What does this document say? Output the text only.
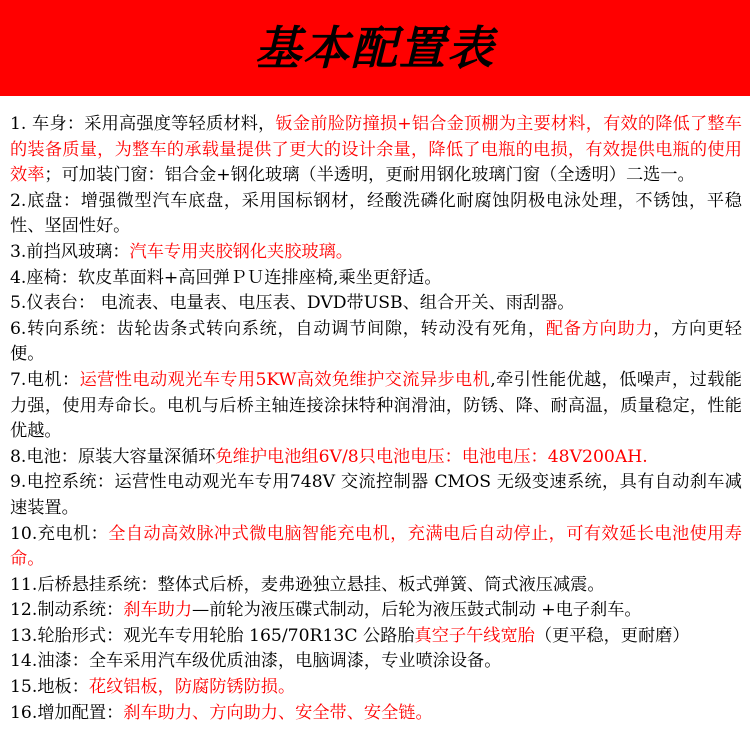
基本配置表

1. 车身：采用高强度等轻质材料，钣金前脸防撞损+铝合金顶棚为主要材料，有效的降低了整车的装备质量，为整车的承载量提供了更大的设计余量，降低了电瓶的电损，有效提供电瓶的使用效率；可加装门窗：铝合金+钢化玻璃（半透明，更耐用钢化玻璃门窗（全透明）二选一。

2.底盘：增强微型汽车底盘，采用国标钢材，经酸洗磷化耐腐蚀阴极电泳处理，不锈蚀，平稳性、坚固性好。

3.前挡风玻璃：汽车专用夹胶钢化夹胶玻璃。

4.座椅：软皮革面料+高回弹ＰＵ连排座椅,乘坐更舒适。

5.仪表台： 电流表、电量表、电压表、DVD带USB、组合开关、雨刮器。

6.转向系统：齿轮齿条式转向系统，自动调节间隙，转动没有死角，配备方向助力，方向更轻便。

7.电机：运营性电动观光车专用5KW高效免维护交流异步电机,牵引性能优越，低噪声，过载能力强，使用寿命长。电机与后桥主轴连接涂抹特种润滑油，防锈、降、耐高温，质量稳定，性能优越。

8.电池：原装大容量深循环免维护电池组6V/8只电池电压：电池电压：48V200AH.

9.电控系统：运营性电动观光车专用748V 交流控制器 CMOS 无级变速系统，具有自动刹车减速装置。

10.充电机：全自动高效脉冲式微电脑智能充电机，充满电后自动停止，可有效延长电池使用寿命。

11.后桥悬挂系统：整体式后桥，麦弗逊独立悬挂、板式弹簧、筒式液压减震。

12.制动系统：刹车助力—前轮为液压碟式制动，后轮为液压鼓式制动 +电子刹车。

13.轮胎形式：观光车专用轮胎 165/70R13C 公路胎真空子午线宽胎（更平稳，更耐磨）

14.油漆：全车采用汽车级优质油漆，电脑调漆，专业喷涂设备。

15.地板：花纹铝板，防腐防锈防损。

16.增加配置：刹车助力、方向助力、安全带、安全链。
